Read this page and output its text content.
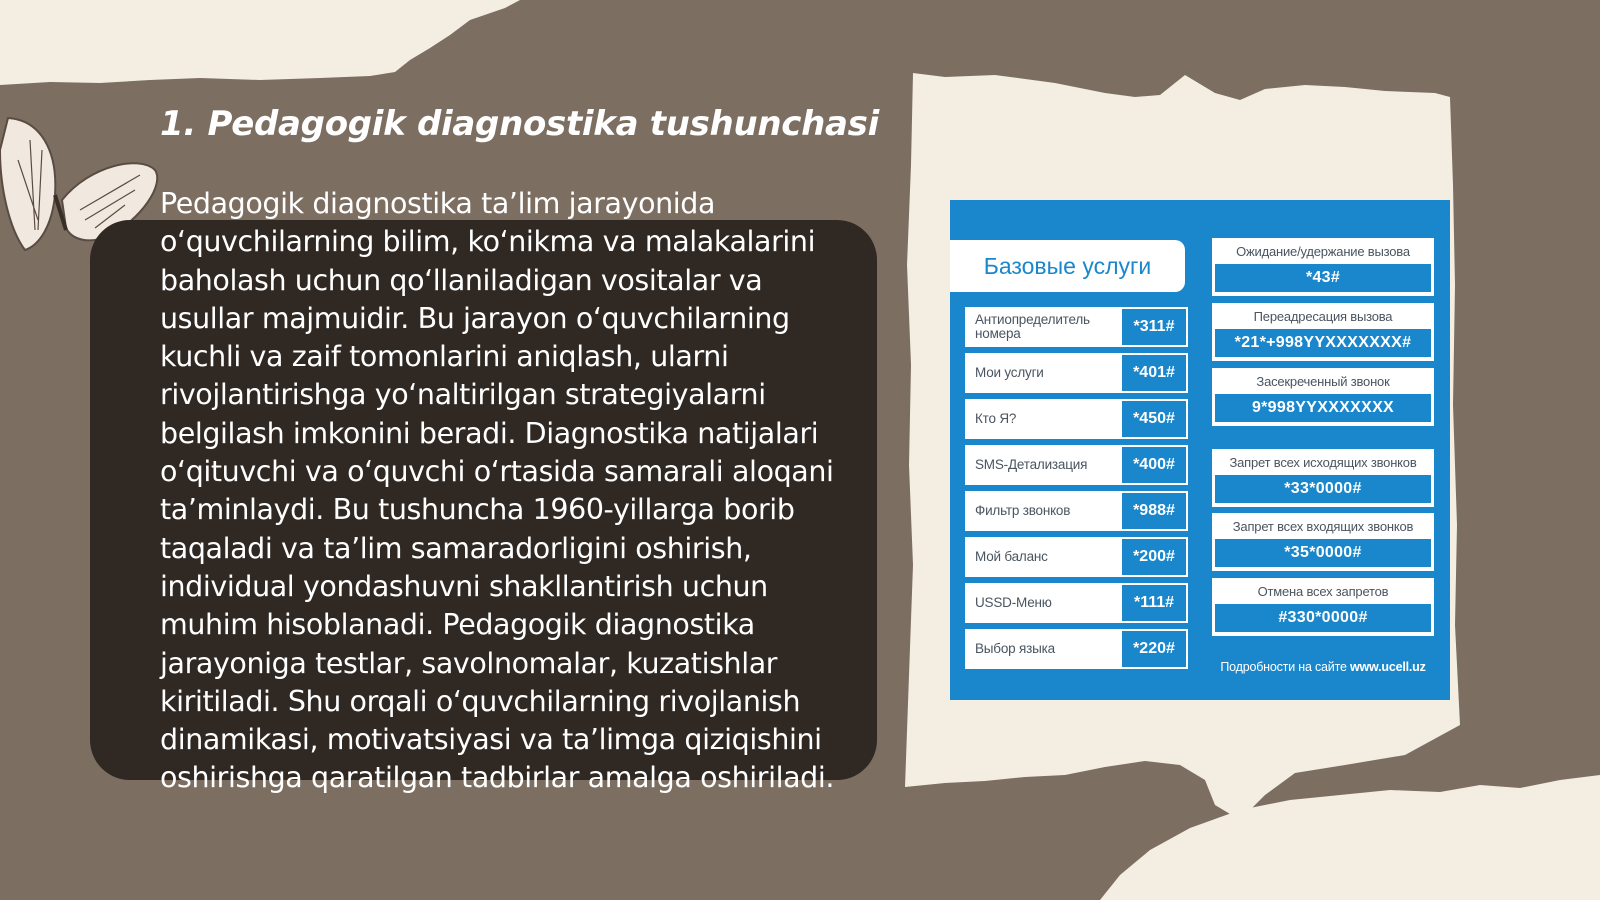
1. Pedagogik diagnostika tushunchasi

Pedagogik diagnostika ta’lim jarayonida o‘quvchilarning bilim, ko‘nikma va malakalarini baholash uchun qo‘llaniladigan vositalar va usullar majmuidir. Bu jarayon o‘quvchilarning kuchli va zaif tomonlarini aniqlash, ularni rivojlantirishga yo‘naltirilgan strategiyalarni belgilash imkonini beradi. Diagnostika natijalari o‘qituvchi va o‘quvchi o‘rtasida samarali aloqani ta’minlaydi. Bu tushuncha 1960-yillarga borib taqaladi va ta’lim samaradorligini oshirish, individual yondashuvni shakllantirish uchun muhim hisoblanadi. Pedagogik diagnostika jarayoniga testlar, savolnomalar, kuzatishlar kiritiladi. Shu orqali o‘quvchilarning rivojlanish dinamikasi, motivatsiyasi va ta’limga qiziqishini oshirishga qaratilgan tadbirlar amalga oshiriladi.

Базовые услуги
Антиопределитель номера	*311#
Мои услуги	*401#
Кто Я?	*450#
SMS-Детализация	*400#
Фильтр звонков	*988#
Мой баланс	*200#
USSD-Меню	*111#
Выбор языка	*220#
Ожидание/удержание вызова
*43#
Переадресация вызова
*21*+998YYXXXXXXX#
Засекреченный звонок
9*998YYXXXXXXX
Запрет всех исходящих звонков
*33*0000#
Запрет всех входящих звонков
*35*0000#
Отмена всех запретов
#330*0000#
Подробности на сайте www.ucell.uz
